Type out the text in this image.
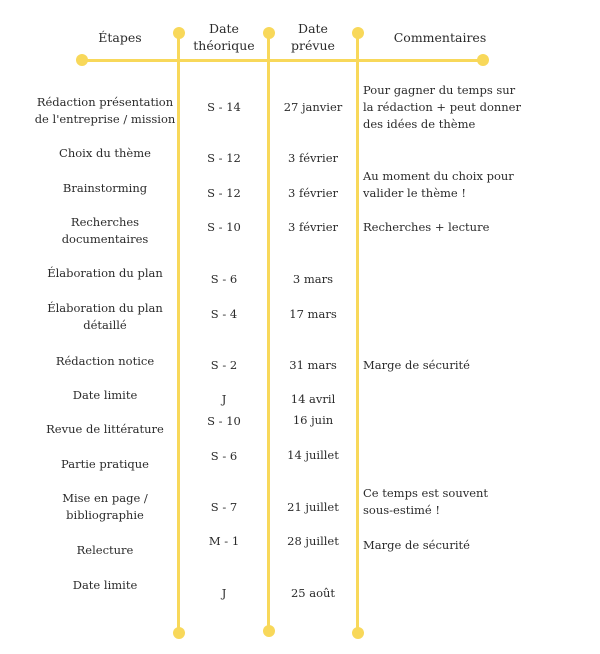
Étapes
Date
théorique
Date
prévue
Commentaires
Rédaction présentation
de l'entreprise / mission
Choix du thème
Brainstorming
Recherches
documentaires
Élaboration du plan
Élaboration du plan
détaillé
Rédaction notice
Date limite
Revue de littérature
Partie pratique
Mise en page /
bibliographie
Relecture
Date limite
S - 14
S - 12
S - 12
S - 10
S - 6
S - 4
S - 2
J
S - 10
S - 6
S - 7
M - 1
J
27 janvier
3 février
3 février
3 février
3 mars
17 mars
31 mars
14 avril
16 juin
14 juillet
21 juillet
28 juillet
25 août
Pour gagner du temps sur
la rédaction + peut donner
des idées de thème
Au moment du choix pour
valider le thème !
Recherches + lecture
Marge de sécurité
Ce temps est souvent
sous-estimé !
Marge de sécurité
